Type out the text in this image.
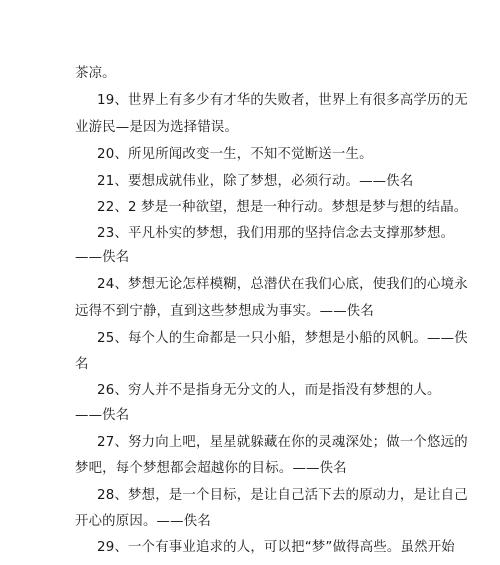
茶凉。
19、世界上有多少有才华的失败者，世界上有很多高学历的无
业游民—是因为选择错误。
20、所见所闻改变一生，不知不觉断送一生。
21、要想成就伟业，除了梦想，必须行动。——佚名
22、2 梦是一种欲望，想是一种行动。梦想是梦与想的结晶。
23、平凡朴实的梦想，我们用那的坚持信念去支撑那梦想。
——佚名
24、梦想无论怎样模糊，总潜伏在我们心底，使我们的心境永
远得不到宁静，直到这些梦想成为事实。——佚名
25、每个人的生命都是一只小船，梦想是小船的风帆。——佚
名
26、穷人并不是指身无分文的人，而是指没有梦想的人。
——佚名
27、努力向上吧，星星就躲藏在你的灵魂深处；做一个悠远的
梦吧，每个梦想都会超越你的目标。——佚名
28、梦想，是一个目标，是让自己活下去的原动力，是让自己
开心的原因。——佚名
29、一个有事业追求的人，可以把“梦”做得高些。虽然开始
